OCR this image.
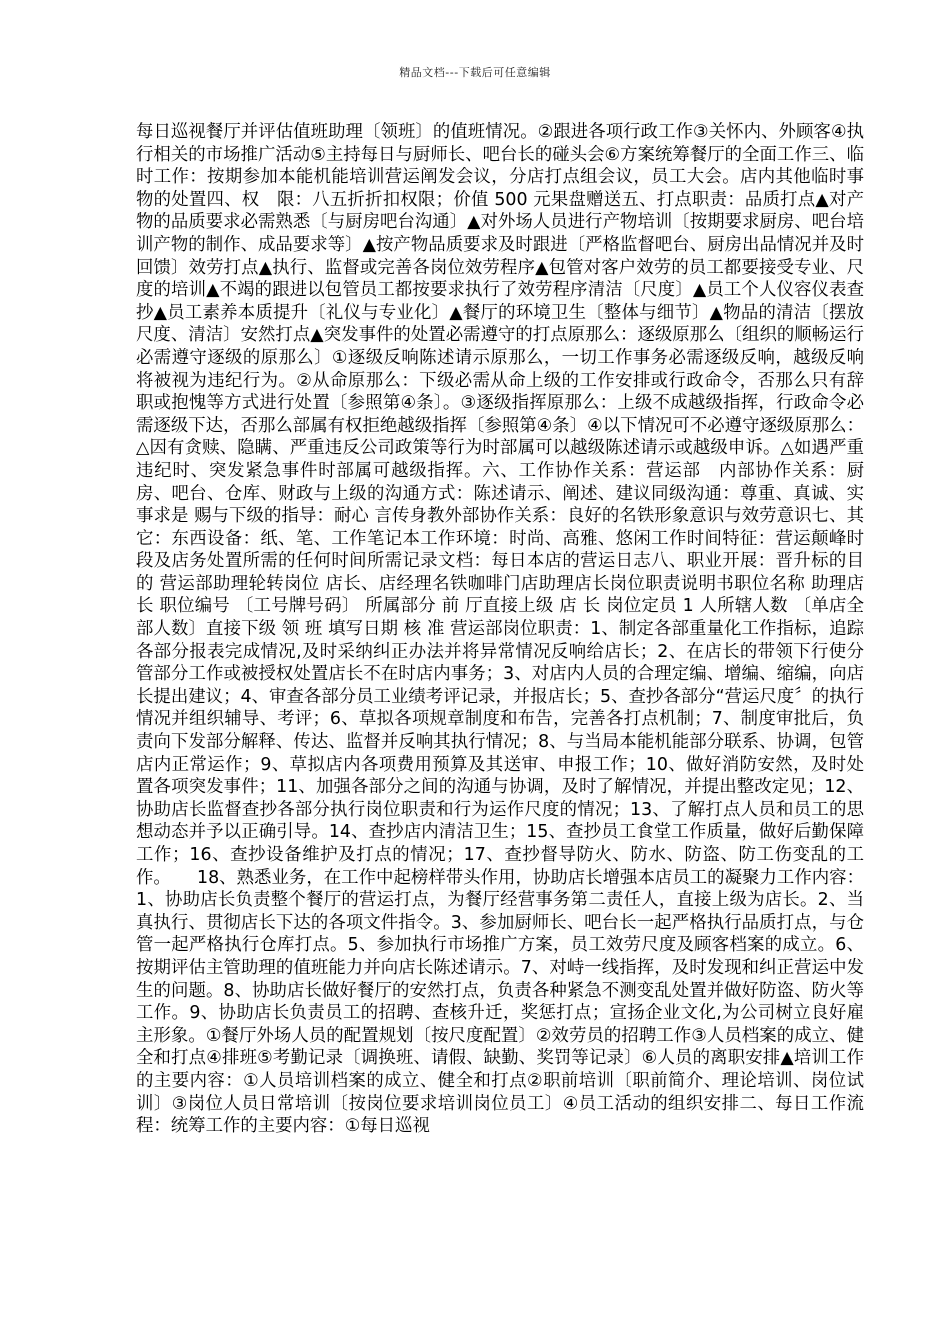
精品文档---下载后可任意编辑

每日巡视餐厅并评估值班助理〔领班〕的值班情况。②跟进各项行政工作③关怀内、外顾客④执行相关的市场推广活动⑤主持每日与厨师长、吧台长的碰头会⑥方案统筹餐厅的全面工作三、临时工作：按期参加本能机能培训营运阐发会议，分店打点组会议，员工大会。店内其他临时事物的处置四、权　限：八五折折扣权限；价值 500 元果盘赠送五、打点职责：品质打点▲对产物的品质要求必需熟悉〔与厨房吧台沟通〕▲对外场人员进行产物培训〔按期要求厨房、吧台培训产物的制作、成品要求等〕▲按产物品质要求及时跟进〔严格监督吧台、厨房出品情况并及时回馈〕效劳打点▲执行、监督或完善各岗位效劳程序▲包管对客户效劳的员工都要接受专业、尺度的培训▲不竭的跟进以包管员工都按要求执行了效劳程序清洁〔尺度〕▲员工个人仪容仪表查抄▲员工素养本质提升〔礼仪与专业化〕▲餐厅的环境卫生〔整体与细节〕▲物品的清洁〔摆放尺度、清洁〕安然打点▲突发事件的处置必需遵守的打点原那么：逐级原那么〔组织的顺畅运行必需遵守逐级的原那么〕①逐级反响陈述请示原那么，一切工作事务必需逐级反响，越级反响将被视为违纪行为。②从命原那么：下级必需从命上级的工作安排或行政命令，否那么只有辞职或抱愧等方式进行处置〔参照第④条〕。③逐级指挥原那么：上级不成越级指挥，行政命令必需逐级下达，否那么部属有权拒绝越级指挥〔参照第④条〕④以下情况可不必遵守逐级原那么：△因有贪赎、隐瞒、严重违反公司政策等行为时部属可以越级陈述请示或越级申诉。△如遇严重违纪时、突发紧急事件时部属可越级指挥。六、工作协作关系：营运部　内部协作关系：厨房、吧台、仓库、财政与上级的沟通方式：陈述请示、阐述、建议同级沟通：尊重、真诚、实事求是 赐与下级的指导：耐心 言传身教外部协作关系：良好的名铁形象意识与效劳意识七、其　它：东西设备：纸、笔、工作笔记本工作环境：时尚、高雅、悠闲工作时间特征：营运颠峰时段及店务处置所需的任何时间所需记录文档：每日本店的营运日志八、职业开展：晋升标的目的 营运部助理轮转岗位 店长、店经理名铁咖啡门店助理店长岗位职责说明书职位名称 助理店长 职位编号 〔工号牌号码〕 所属部分 前 厅直接上级 店 长 岗位定员 1 人所辖人数 〔单店全部人数〕直接下级 领 班 填写日期 核 准 营运部岗位职责：1、制定各部重量化工作指标，追踪各部分报表完成情况,及时采纳纠正办法并将异常情况反响给店长；2、在店长的带领下行使分管部分工作或被授权处置店长不在时店内事务；3、对店内人员的合理定编、增编、缩编，向店长提出建议；4、审查各部分员工业绩考评记录，并报店长；5、查抄各部分“营运尺度〞的执行情况并组织辅导、考评；6、草拟各项规章制度和布告，完善各打点机制；7、制度审批后，负责向下发部分解释、传达、监督并反响其执行情况；8、与当局本能机能部分联系、协调，包管店内正常运作；9、草拟店内各项费用预算及其送审、申报工作；10、做好消防安然，及时处置各项突发事件；11、加强各部分之间的沟通与协调，及时了解情况，并提出整改定见；12、协助店长监督查抄各部分执行岗位职责和行为运作尺度的情况；13、了解打点人员和员工的思想动态并予以正确引导。14、查抄店内清洁卫生；15、查抄员工食堂工作质量，做好后勤保障工作；16、查抄设备维护及打点的情况；17、查抄督导防火、防水、防盗、防工伤变乱的工作。　　18、熟悉业务，在工作中起榜样带头作用，协助店长增强本店员工的凝聚力工作内容：1、协助店长负责整个餐厅的营运打点，为餐厅经营事务第二责任人，直接上级为店长。2、当真执行、贯彻店长下达的各项文件指令。3、参加厨师长、吧台长一起严格执行品质打点，与仓管一起严格执行仓库打点。5、参加执行市场推广方案，员工效劳尺度及顾客档案的成立。6、按期评估主管助理的值班能力并向店长陈述请示。7、对峙一线指挥，及时发现和纠正营运中发生的问题。8、协助店长做好餐厅的安然打点，负责各种紧急不测变乱处置并做好防盗、防火等工作。9、协助店长负责员工的招聘、查核升迁，奖惩打点；宣扬企业文化,为公司树立良好雇主形象。①餐厅外场人员的配置规划〔按尺度配置〕②效劳员的招聘工作③人员档案的成立、健全和打点④排班⑤考勤记录〔调换班、请假、缺勤、奖罚等记录〕⑥人员的离职安排▲培训工作的主要内容：①人员培训档案的成立、健全和打点②职前培训〔职前简介、理论培训、岗位试训〕③岗位人员日常培训〔按岗位要求培训岗位员工〕④员工活动的组织安排二、每日工作流程：统筹工作的主要内容：①每日巡视
